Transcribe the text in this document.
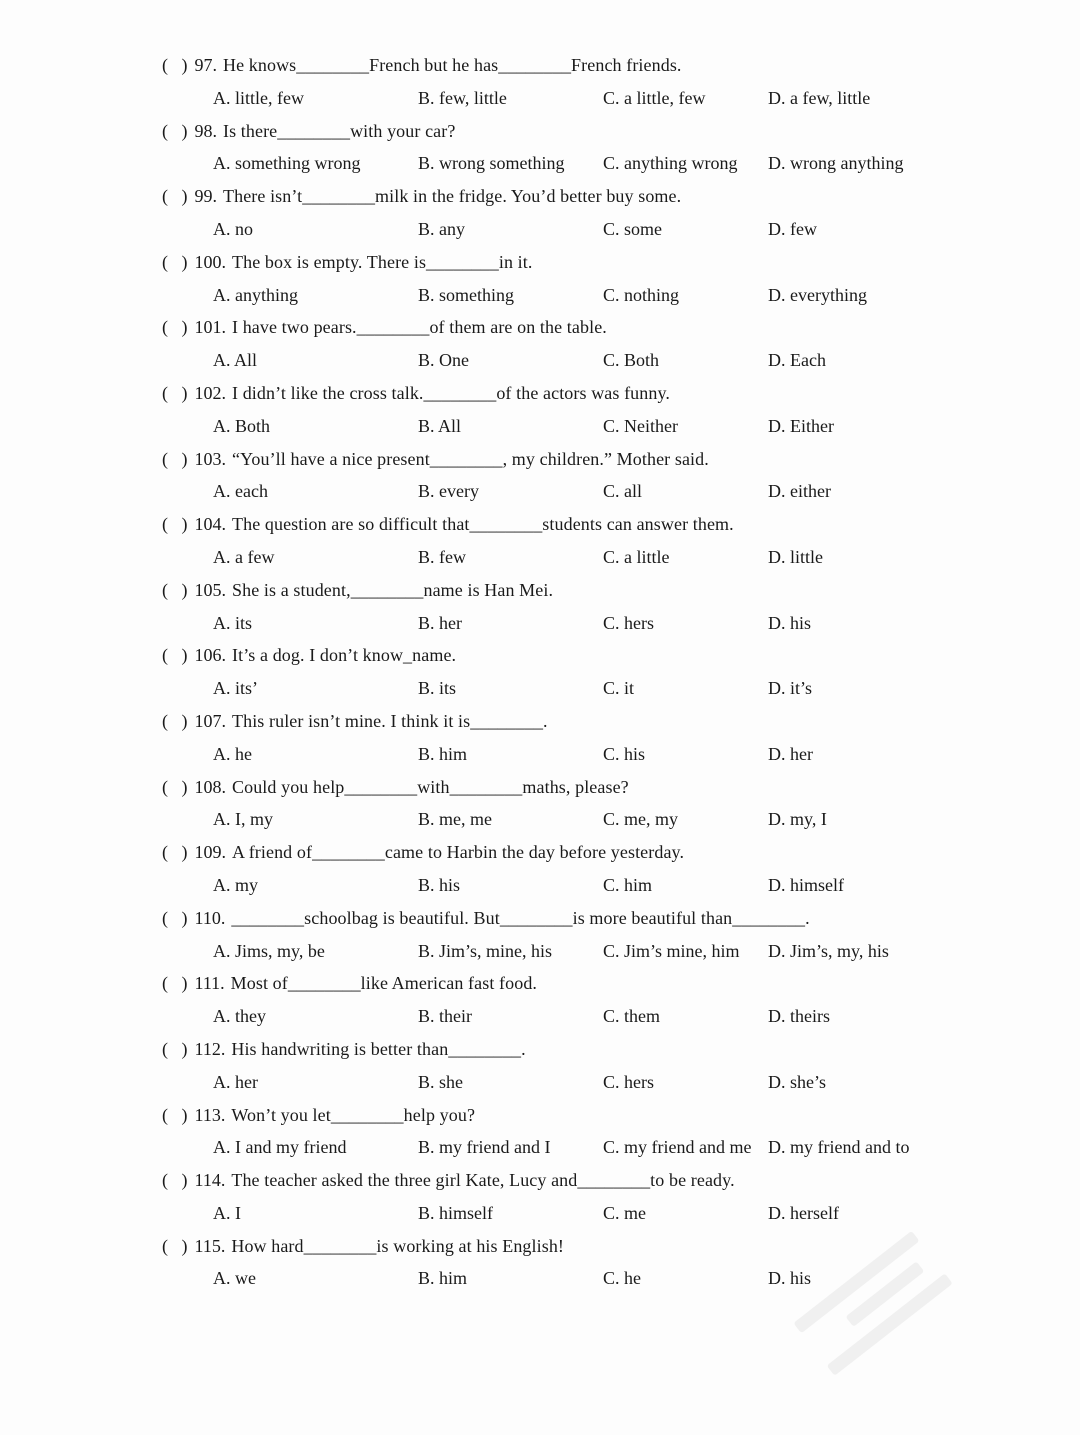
(   ) 97. He knows________French but he has________French friends.
A. little, few	B. few, little	C. a little, few	D. a few, little
(   ) 98. Is there________with your car?
A. something wrong	B. wrong something	C. anything wrong	D. wrong anything
(   ) 99. There isn’t________milk in the fridge. You’d better buy some.
A. no	B. any	C. some	D. few
(   ) 100. The box is empty. There is________in it.
A. anything	B. something	C. nothing	D. everything
(   ) 101. I have two pears.________of them are on the table.
A. All	B. One	C. Both	D. Each
(   ) 102. I didn’t like the cross talk.________of the actors was funny.
A. Both	B. All	C. Neither	D. Either
(   ) 103. “You’ll have a nice present________, my children.” Mother said.
A. each	B. every	C. all	D. either
(   ) 104. The question are so difficult that________students can answer them.
A. a few	B. few	C. a little	D. little
(   ) 105. She is a student,________name is Han Mei.
A. its	B. her	C. hers	D. his
(   ) 106. It’s a dog. I don’t know_name.
A. its’	B. its	C. it	D. it’s
(   ) 107. This ruler isn’t mine. I think it is________.
A. he	B. him	C. his	D. her
(   ) 108. Could you help________with________maths, please?
A. I, my	B. me, me	C. me, my	D. my, I
(   ) 109. A friend of________came to Harbin the day before yesterday.
A. my	B. his	C. him	D. himself
(   ) 110. ________schoolbag is beautiful. But________is more beautiful than________.
A. Jims, my, be	B. Jim’s, mine, his	C. Jim’s mine, him	D. Jim’s, my, his
(   ) 111. Most of________like American fast food.
A. they	B. their	C. them	D. theirs
(   ) 112. His handwriting is better than________.
A. her	B. she	C. hers	D. she’s
(   ) 113. Won’t you let________help you?
A. I and my friend	B. my friend and I	C. my friend and me D. my friend and to
(   ) 114. The teacher asked the three girl Kate, Lucy and________to be ready.
A. I	B. himself	C. me	D. herself
(   ) 115. How hard________is working at his English!
A. we	B. him	C. he	D. his
